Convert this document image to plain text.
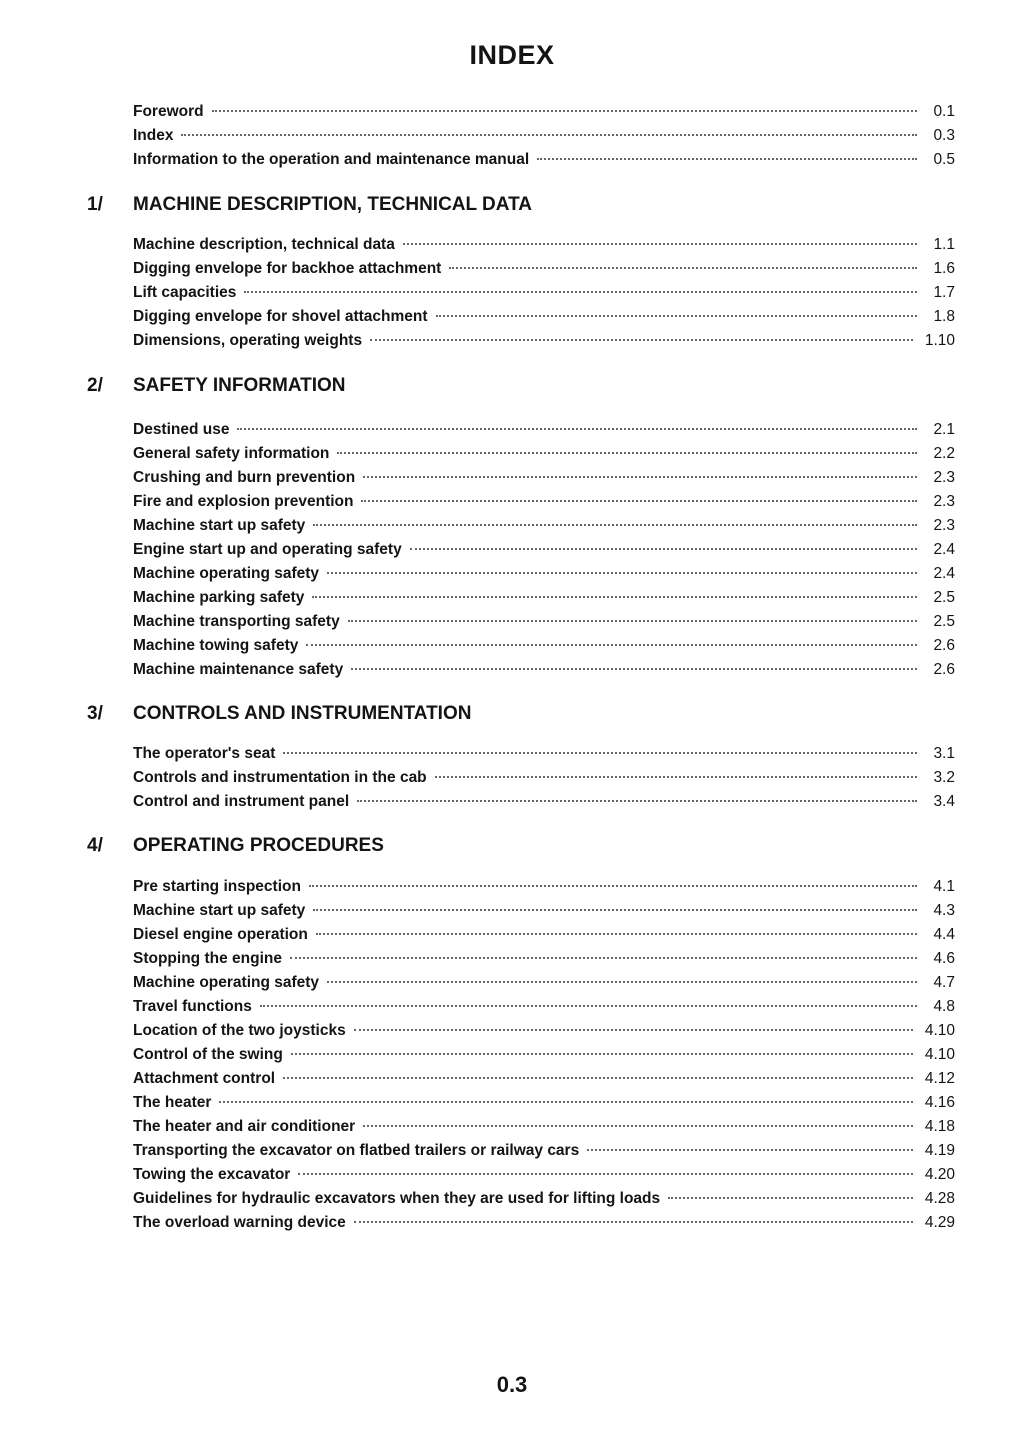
INDEX
Foreword	0.1
Index	0.3
Information to the operation and maintenance manual	0.5
1/ MACHINE DESCRIPTION, TECHNICAL DATA
Machine description, technical data	1.1
Digging envelope for backhoe attachment	1.6
Lift capacities	1.7
Digging envelope for shovel attachment	1.8
Dimensions, operating weights	1.10
2/ SAFETY INFORMATION
Destined use	2.1
General safety information	2.2
Crushing and burn prevention	2.3
Fire and explosion prevention	2.3
Machine start up safety	2.3
Engine start up and operating safety	2.4
Machine operating safety	2.4
Machine parking safety	2.5
Machine transporting safety	2.5
Machine towing safety	2.6
Machine maintenance safety	2.6
3/ CONTROLS AND INSTRUMENTATION
The operator's seat	3.1
Controls and instrumentation in the cab	3.2
Control and instrument panel	3.4
4/ OPERATING PROCEDURES
Pre starting inspection	4.1
Machine start up safety	4.3
Diesel engine operation	4.4
Stopping the engine	4.6
Machine operating safety	4.7
Travel functions	4.8
Location of the two joysticks	4.10
Control of the swing	4.10
Attachment control	4.12
The heater	4.16
The heater and air conditioner	4.18
Transporting the excavator on flatbed trailers or railway cars	4.19
Towing the excavator	4.20
Guidelines for hydraulic excavators when they are used for lifting loads	4.28
The overload warning device	4.29
0.3
